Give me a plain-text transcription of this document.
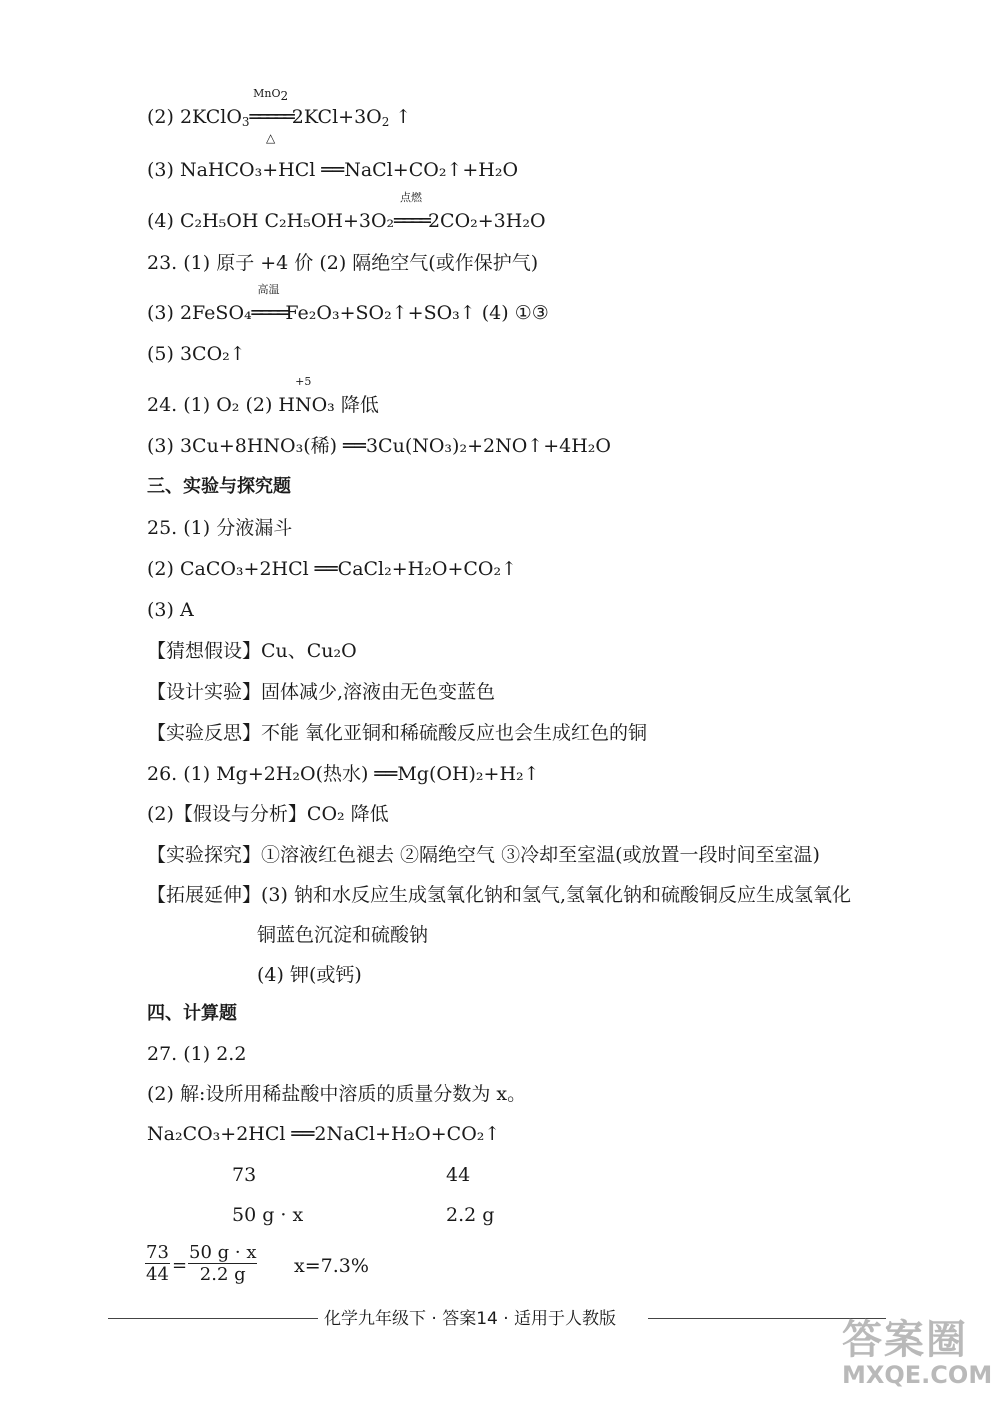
(2) 2KClO$_3$
MnO$_2$
═════
△
$2KCl+3O_2$ ↑
(3) NaHCO₃+HCl ══NaCl+CO₂↑+H₂O
(4) C₂H₅OH C₂H₅OH+3O₂
点燃
════2CO₂+3H₂O
23. (1) 原子 +4 价 (2) 隔绝空气(或作保护气)
(3) 2FeSO₄
高温
════Fe₂O₃+SO₂↑+SO₃↑ (4) ①③
(5) 3CO₂↑
24. (1) O₂ (2) H
+5
NO₃ 降低
(3) 3Cu+8HNO₃(稀) ══3Cu(NO₃)₂+2NO↑+4H₂O
三、实验与探究题
25. (1) 分液漏斗
(2) CaCO₃+2HCl ══CaCl₂+H₂O+CO₂↑
(3) A
【猜想假设】Cu、Cu₂O
【设计实验】固体减少,溶液由无色变蓝色
【实验反思】不能 氧化亚铜和稀硫酸反应也会生成红色的铜
26. (1) Mg+2H₂O(热水) ══Mg(OH)₂+H₂↑
(2)【假设与分析】CO₂ 降低
【实验探究】①溶液红色褪去 ②隔绝空气 ③冷却至室温(或放置一段时间至室温)
【拓展延伸】(3) 钠和水反应生成氢氧化钠和氢气,氢氧化钠和硫酸铜反应生成氢氧化
铜蓝色沉淀和硫酸钠
(4) 钾(或钙)
四、计算题
27. (1) 2.2
(2) 解:设所用稀盐酸中溶质的质量分数为 x。
Na₂CO₃+2HCl ══2NaCl+H₂O+CO₂↑
73	44
50 g · x	2.2 g
$\frac{73}{44} = \frac{50 g \cdot x}{2.2 g} x=7.3\%$
化学九年级下 · 答案14 · 适用于人教版	答案圈
MXQE.COM
